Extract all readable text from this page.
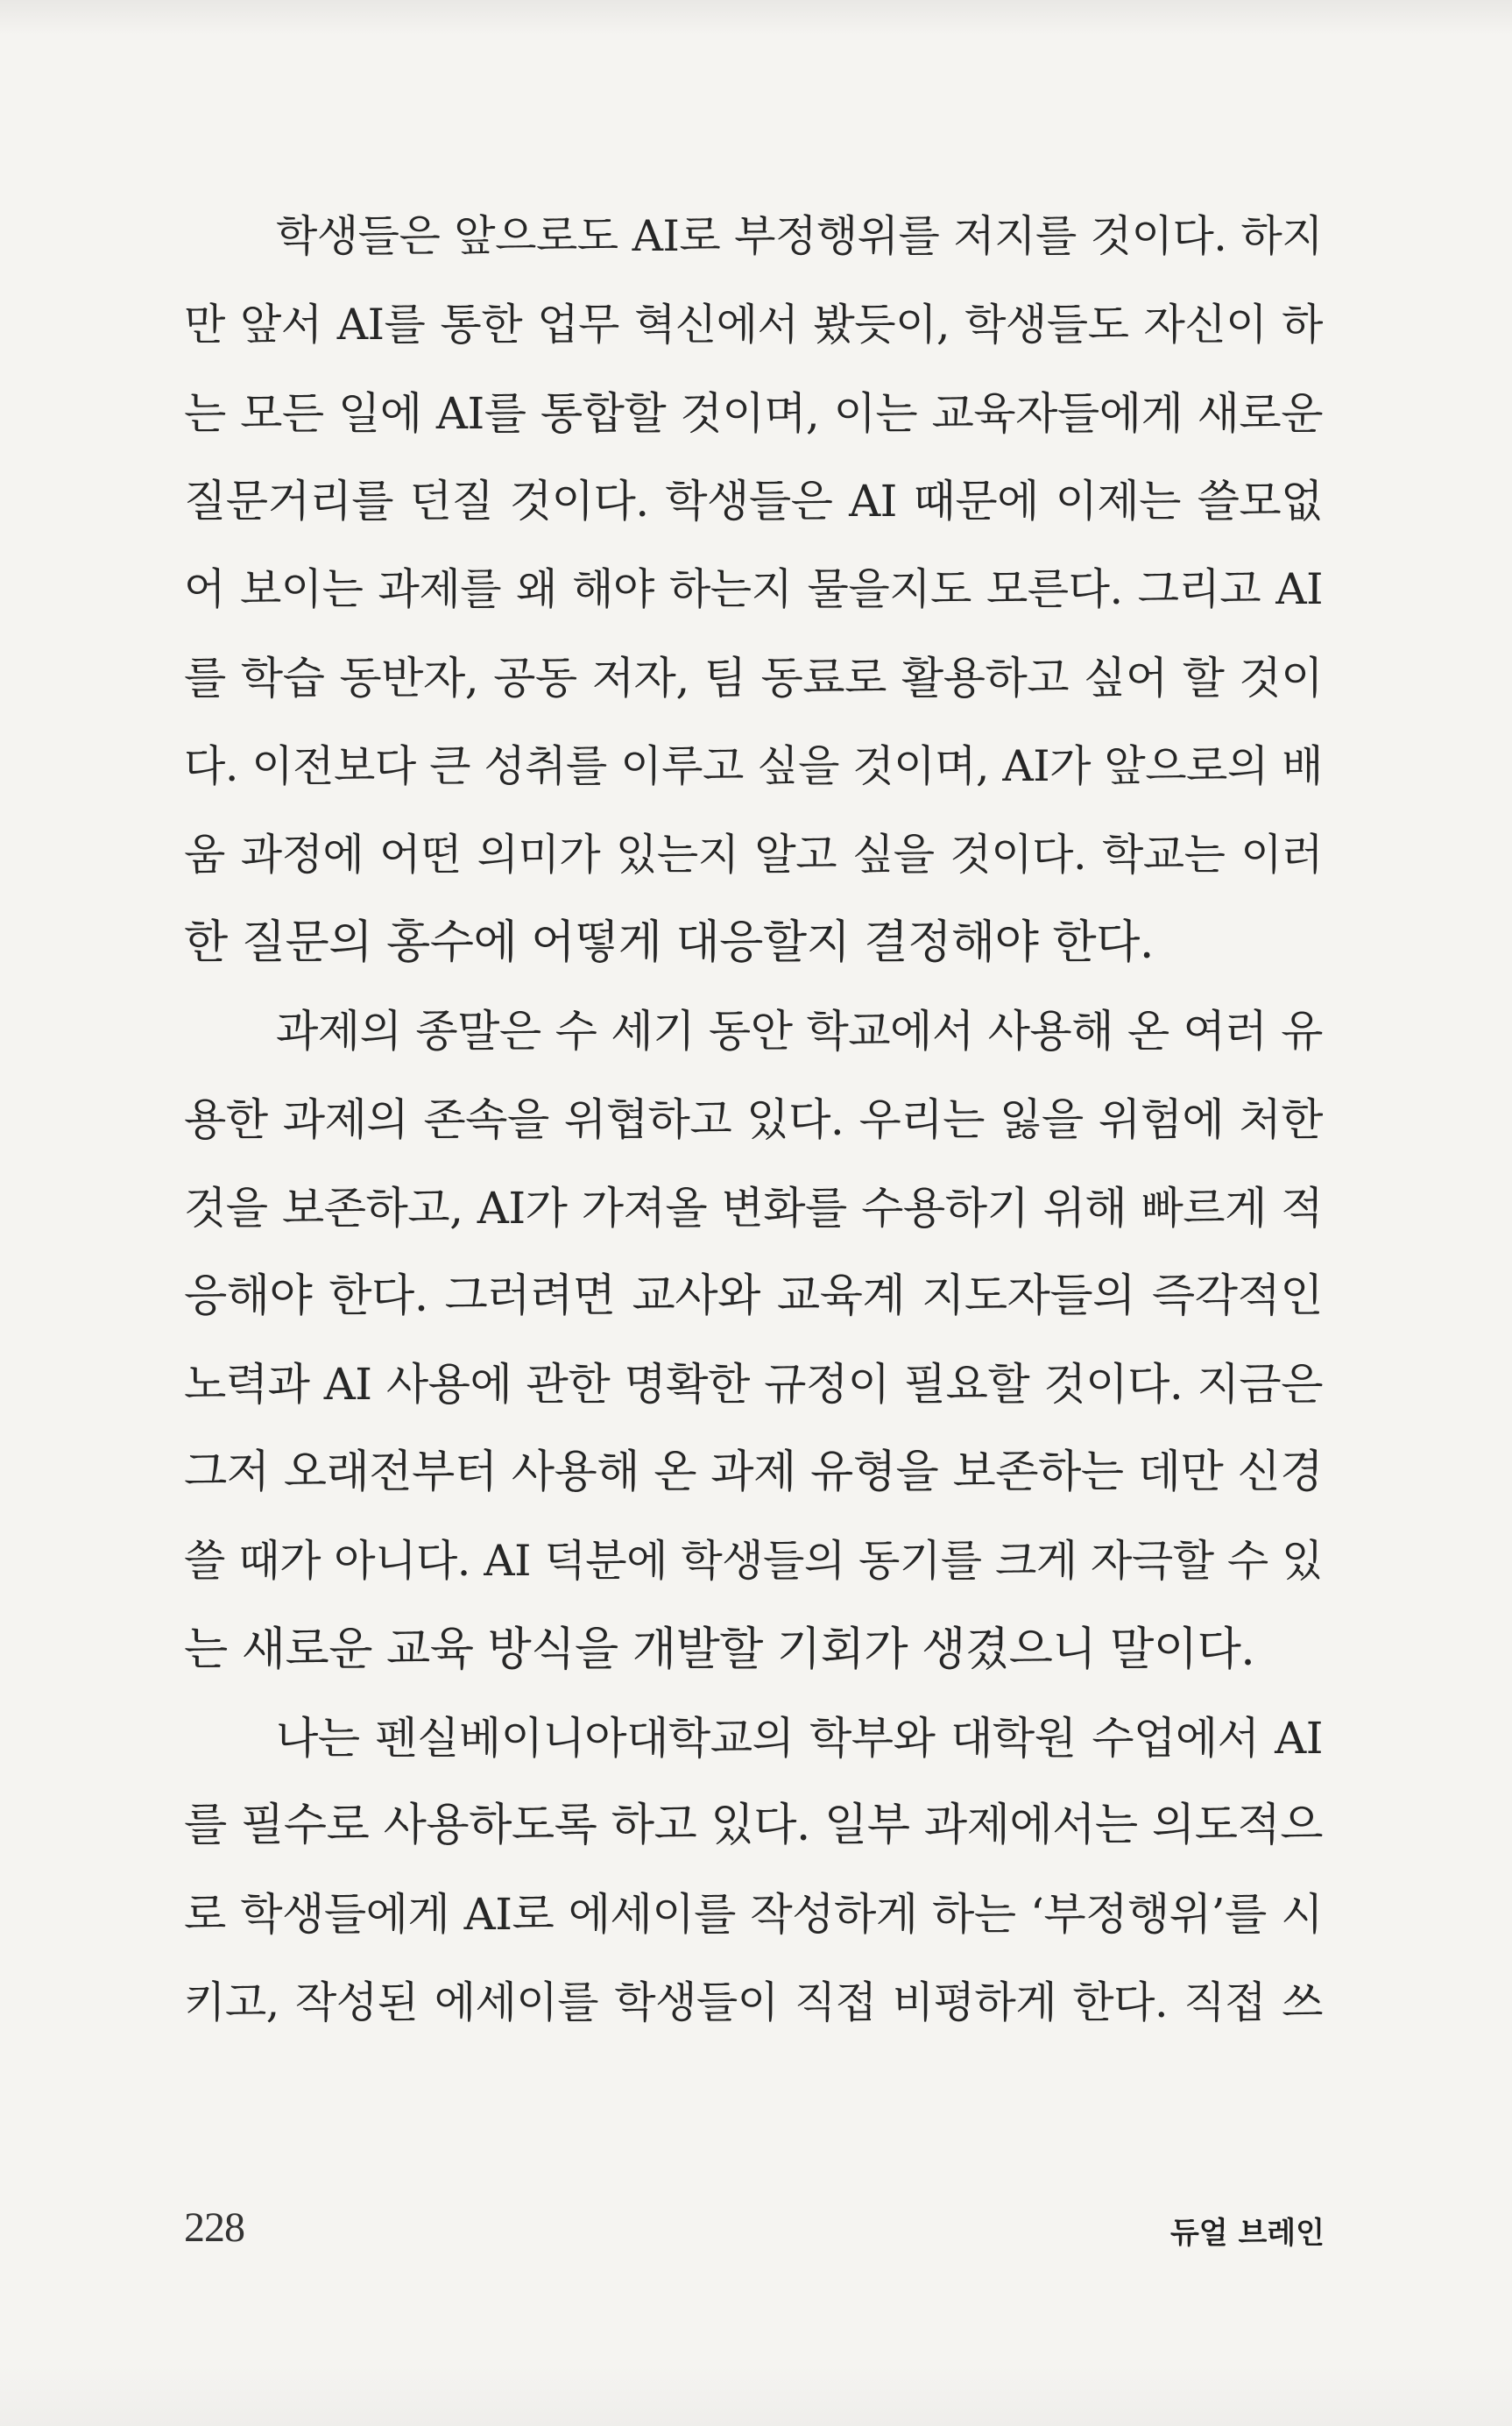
학생들은 앞으로도 AI로 부정행위를 저지를 것이다. 하지
만 앞서 AI를 통한 업무 혁신에서 봤듯이, 학생들도 자신이 하
는 모든 일에 AI를 통합할 것이며, 이는 교육자들에게 새로운
질문거리를 던질 것이다. 학생들은 AI 때문에 이제는 쓸모없
어 보이는 과제를 왜 해야 하는지 물을지도 모른다. 그리고 AI
를 학습 동반자, 공동 저자, 팀 동료로 활용하고 싶어 할 것이
다. 이전보다 큰 성취를 이루고 싶을 것이며, AI가 앞으로의 배
움 과정에 어떤 의미가 있는지 알고 싶을 것이다. 학교는 이러
한 질문의 홍수에 어떻게 대응할지 결정해야 한다.
과제의 종말은 수 세기 동안 학교에서 사용해 온 여러 유
용한 과제의 존속을 위협하고 있다. 우리는 잃을 위험에 처한
것을 보존하고, AI가 가져올 변화를 수용하기 위해 빠르게 적
응해야 한다. 그러려면 교사와 교육계 지도자들의 즉각적인
노력과 AI 사용에 관한 명확한 규정이 필요할 것이다. 지금은
그저 오래전부터 사용해 온 과제 유형을 보존하는 데만 신경
쓸 때가 아니다. AI 덕분에 학생들의 동기를 크게 자극할 수 있
는 새로운 교육 방식을 개발할 기회가 생겼으니 말이다.
나는 펜실베이니아대학교의 학부와 대학원 수업에서 AI
를 필수로 사용하도록 하고 있다. 일부 과제에서는 의도적으
로 학생들에게 AI로 에세이를 작성하게 하는 ‘부정행위’를 시
키고, 작성된 에세이를 학생들이 직접 비평하게 한다. 직접 쓰
228	듀얼 브레인
